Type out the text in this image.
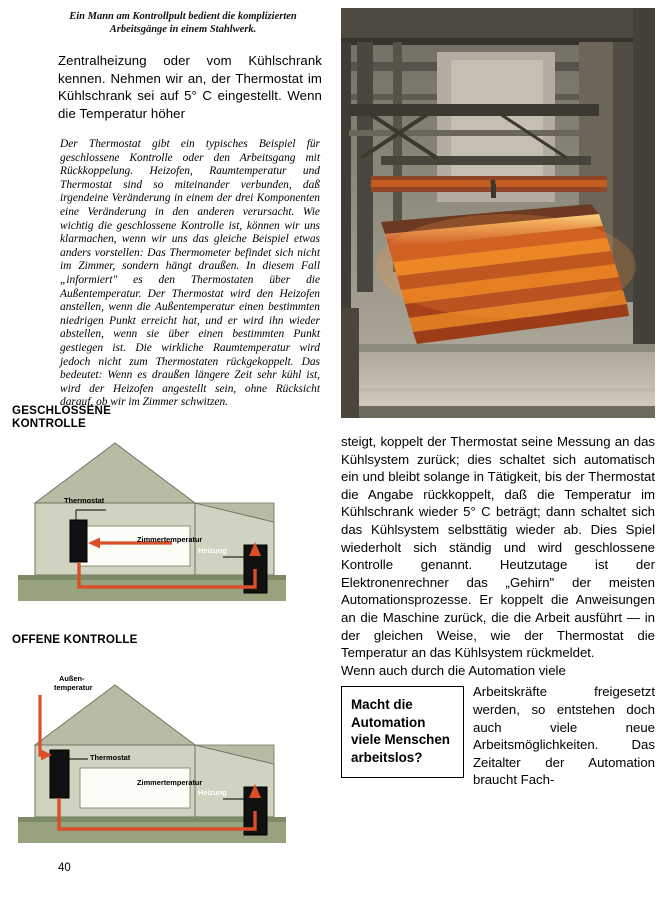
Ein Mann am Kontrollpult bedient die komplizierten Arbeitsgänge in einem Stahlwerk.
Zentralheizung oder vom Kühlschrank kennen. Nehmen wir an, der Thermostat im Kühlschrank sei auf 5° C eingestellt. Wenn die Temperatur höher
Der Thermostat gibt ein typisches Beispiel für geschlossene Kontrolle oder den Arbeitsgang mit Rückkoppelung. Heizofen, Raumtemperatur und Thermostat sind so miteinander verbunden, daß irgendeine Veränderung in einem der drei Komponenten eine Veränderung in den anderen verursacht. Wie wichtig die geschlossene Kontrolle ist, können wir uns klarmachen, wenn wir uns das gleiche Beispiel etwas anders vorstellen: Das Thermometer befindet sich nicht im Zimmer, sondern hängt draußen. In diesem Fall „informiert" es den Thermostaten über die Außentemperatur. Der Thermostat wird den Heizofen anstellen, wenn die Außentemperatur einen bestimmten niedrigen Punkt erreicht hat, und er wird ihn wieder abstellen, wenn sie über einen bestimmten Punkt gestiegen ist. Die wirkliche Raumtemperatur wird jedoch nicht zum Thermostaten rückgekoppelt. Das bedeutet: Wenn es draußen längere Zeit sehr kühl ist, wird der Heizofen angestellt sein, ohne Rücksicht darauf, ob wir im Zimmer schwitzen.
GESCHLOSSENE
KONTROLLE
Thermostat
Zimmertemperatur
Heizung
OFFENE KONTROLLE
Außen-
temperatur
Thermostat
Zimmertemperatur
Heizung
40

steigt, koppelt der Thermostat seine Messung an das Kühlsystem zurück; dies schaltet sich automatisch ein und bleibt solange in Tätigkeit, bis der Thermostat die Angabe rückkoppelt, daß die Temperatur im Kühlschrank wieder 5° C beträgt; dann schaltet sich das Kühlsystem selbsttätig wieder ab. Dies Spiel wiederholt sich ständig und wird geschlossene Kontrolle genannt. Heutzutage ist der Elektronenrechner das „Gehirn" der meisten Automationsprozesse. Er koppelt die Anweisungen an die Maschine zurück, die die Arbeit ausführt — in der gleichen Weise, wie der Thermostat die Temperatur an das Kühlsystem rückmeldet.

Wenn auch durch die Automation viele

Macht die Automation viele Menschen arbeitslos?
Arbeitskräfte freigesetzt werden, so entstehen doch auch viele neue Arbeitsmöglichkeiten. Das Zeitalter der Automation braucht Fach-
